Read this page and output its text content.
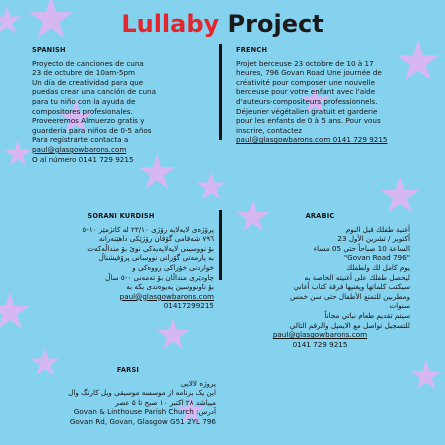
Lullaby Project
SPANISH
Proyecto de canciones de cuna
23 de octubre de 10am-5pm
Un día de creatividad para que
puedas crear una canción de cuna
para tu niño con la ayuda de
compositores profesionales.
Proveeremos Almuerzo gratis y
guardería para niños de 0-5 años
Para registrarte contacta a
paul@glasgowbarons.com
O al número 0141 729 9215
FRENCH
Projet berceuse 23 octobre de 10 à 17
heures, 796 Govan Road Une journée de
créativité pour composer une nouvelle
berceuse pour votre enfant avec l'aide
d'auteurs-compositeurs professionnels.
Déjeuner végétalien gratuit et garderie
pour les enfants de 0 à 5 ans. Pour vous
inscrire, contactez
paul@glasgowbarons.com 0141 729 9215
SORANI KURDISH
پرۆژەی لایەلایە رۆژی ٢٣/١٠ لە کاتژمێر ١٠-٥
٧٩٦ شەقامی گۆڤان رۆژێکی داهێنەرانە
بۆ نووسینی لایەلایەیەکی نوێ بۆ منداڵەکەت
بە یارمەتی گۆرانی نووسانی پرۆفیشناڵ
خواردنی خۆراکی رووەکی و
چاودێری منداڵان بۆ تەمەنی ٠-٥ ساڵ
بۆ ناونووسین پەیوەندی بکە بە
paul@glasgowbarons.com
01417299215
ARABIC
أغنية طفلك قبل النوم
أكتوبر / تشرين الأول 23
الساعة 10 صباحاً حتى 05 مساء
"796 Govan Road"
يوم كامل لك ولطفلك
ليحصل طفلك على أغنيته الخاصة به
سيكتب كلماتها ويغنيها فرقة كتاب أغاني
ومطربين للتمتع الأطفال حتى سن خمس
سنوات
سيتم تقديم طعام نباتي مجاناً
للتسجيل تواصل مع الايميل والرقم التالي
paul@glasgowbarons.com
0141 729 9215
FARSI
پروژه لالایی
این یک برنامه از موسسه موسیقی ویل کارنگ وال
میباشد ۲۸ اکتبر ۱۰ صبح تا ۵ عصر
آدرس: Govan & Linthouse Parish Church
796 Govan Rd, Govan, Glasgow G51 2YL
